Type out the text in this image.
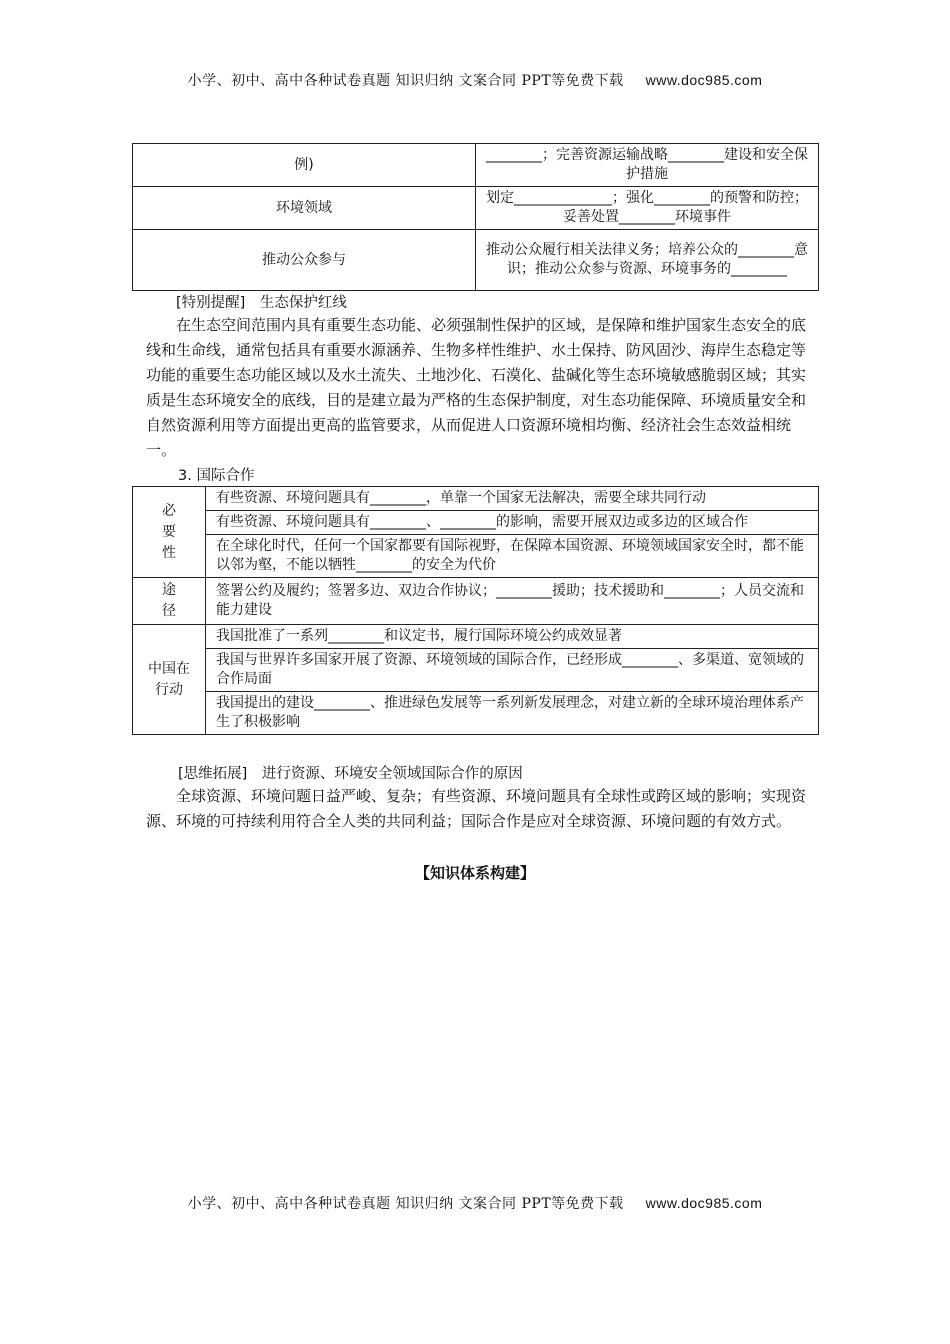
小学、初中、高中各种试卷真题 知识归纳 文案合同 PPT等免费下载 www.doc985.com
例)	________；完善资源运输战略________建设和安全保护措施
环境领域	划定______________；强化________的预警和防控；妥善处置________环境事件
推动公众参与	推动公众履行相关法律义务；培养公众的________意识；推动公众参与资源、环境事务的________
[特别提醒]　生态保护红线
在生态空间范围内具有重要生态功能、必须强制性保护的区域，是保障和维护国家生态安全的底线和生命线，通常包括具有重要水源涵养、生物多样性维护、水土保持、防风固沙、海岸生态稳定等功能的重要生态功能区域以及水土流失、土地沙化、石漠化、盐碱化等生态环境敏感脆弱区域；其实质是生态环境安全的底线，目的是建立最为严格的生态保护制度，对生态功能保障、环境质量安全和自然资源利用等方面提出更高的监管要求，从而促进人口资源环境相均衡、经济社会生态效益相统一。
3. 国际合作
必要性	有些资源、环境问题具有________，单靠一个国家无法解决，需要全球共同行动
	有些资源、环境问题具有________、________的影响，需要开展双边或多边的区域合作
	在全球化时代，任何一个国家都要有国际视野，在保障本国资源、环境领域国家安全时，都不能以邻为壑，不能以牺牲________的安全为代价
途径	签署公约及履约；签署多边、双边合作协议；________援助；技术援助和________；人员交流和能力建设
中国在行动	我国批准了一系列________和议定书，履行国际环境公约成效显著
	我国与世界许多国家开展了资源、环境领域的国际合作，已经形成________、多渠道、宽领域的合作局面
	我国提出的建设________、推进绿色发展等一系列新发展理念，对建立新的全球环境治理体系产生了积极影响
[思维拓展]　进行资源、环境安全领域国际合作的原因
全球资源、环境问题日益严峻、复杂；有些资源、环境问题具有全球性或跨区域的影响；实现资源、环境的可持续利用符合全人类的共同利益；国际合作是应对全球资源、环境问题的有效方式。
【知识体系构建】
小学、初中、高中各种试卷真题 知识归纳 文案合同 PPT等免费下载 www.doc985.com
